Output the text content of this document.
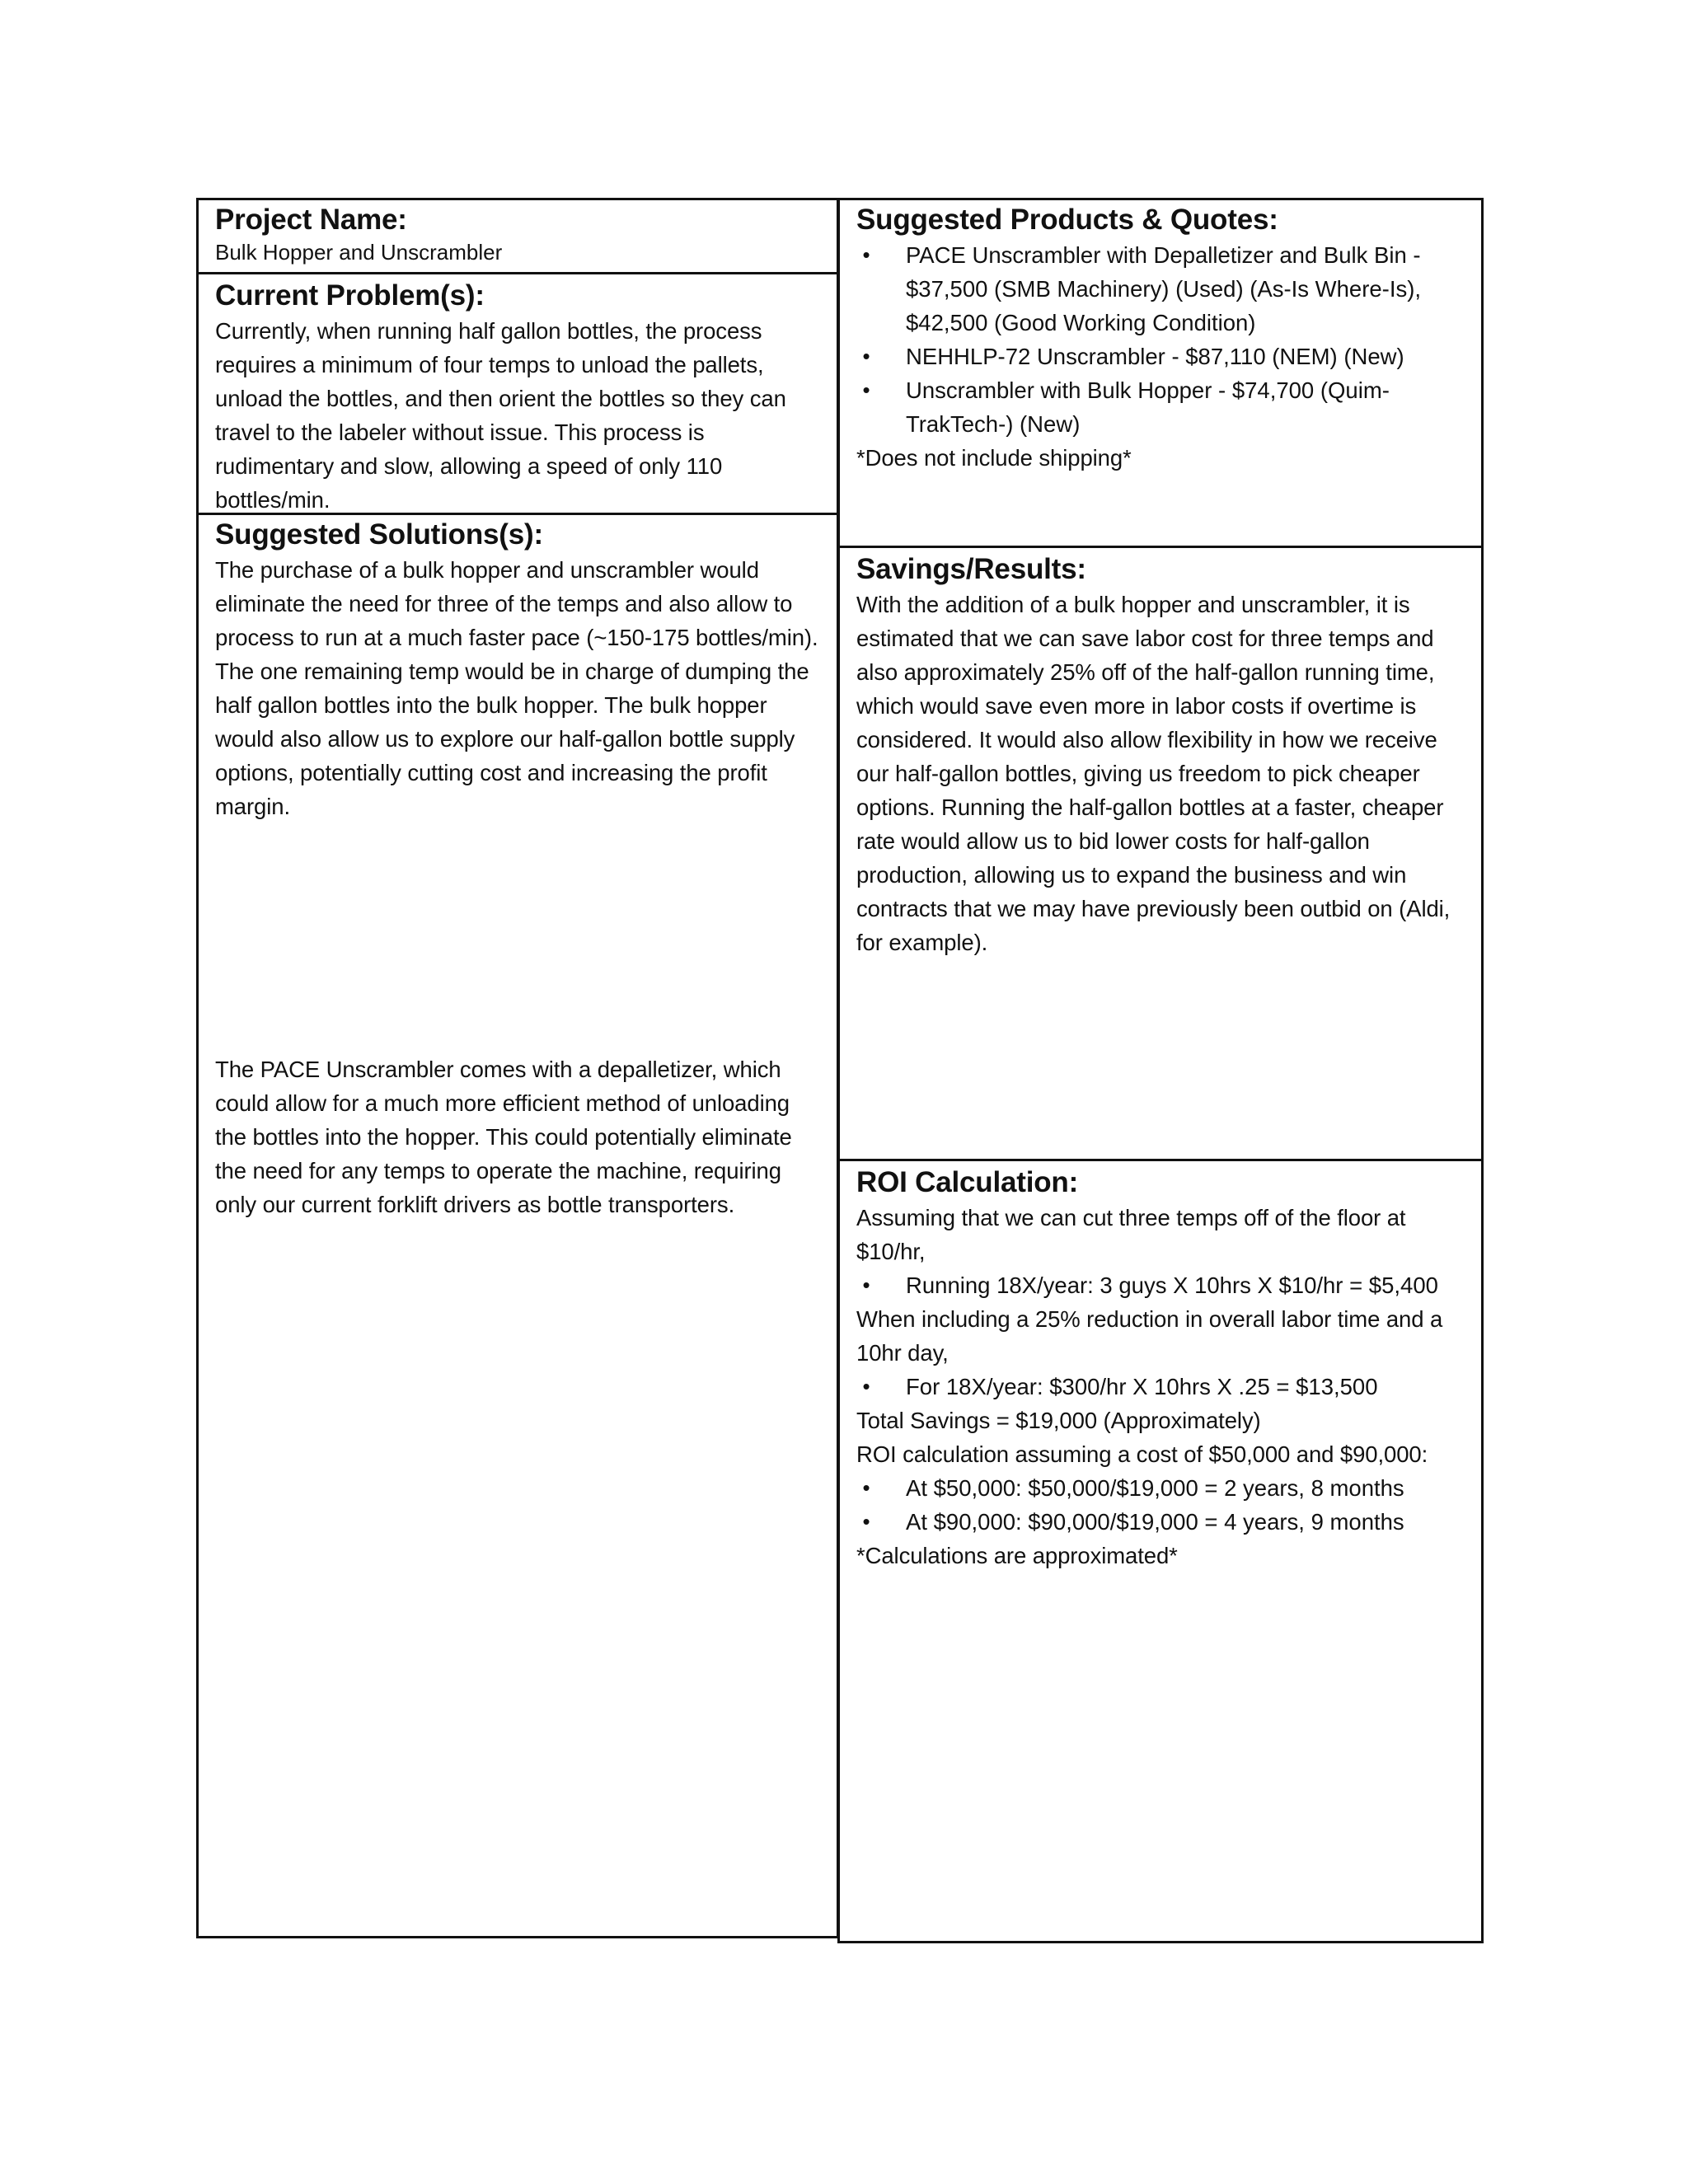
Project Name:

Bulk Hopper and Unscrambler

Current Problem(s):

Currently, when running half gallon bottles, the process requires a minimum of four temps to unload the pallets, unload the bottles, and then orient the bottles so they can travel to the labeler without issue. This process is rudimentary and slow, allowing a speed of only 110 bottles/min.

Suggested Solutions(s):

The purchase of a bulk hopper and unscrambler would eliminate the need for three of the temps and also allow to process to run at a much faster pace (~150-175 bottles/min). The one remaining temp would be in charge of dumping the half gallon bottles into the bulk hopper. The bulk hopper would also allow us to explore our half-gallon bottle supply options, potentially cutting cost and increasing the profit margin.

The PACE Unscrambler comes with a depalletizer, which could allow for a much more efficient method of unloading the bottles into the hopper. This could potentially eliminate the need for any temps to operate the machine, requiring only our current forklift drivers as bottle transporters.

Suggested Products & Quotes:

• PACE Unscrambler with Depalletizer and Bulk Bin - $37,500 (SMB Machinery) (Used) (As-Is Where-Is), $42,500 (Good Working Condition)
• NEHHLP-72 Unscrambler - $87,110 (NEM) (New)
• Unscrambler with Bulk Hopper - $74,700 (Quim-TrakTech-) (New)

*Does not include shipping*

Savings/Results:

With the addition of a bulk hopper and unscrambler, it is estimated that we can save labor cost for three temps and also approximately 25% off of the half-gallon running time, which would save even more in labor costs if overtime is considered. It would also allow flexibility in how we receive our half-gallon bottles, giving us freedom to pick cheaper options. Running the half-gallon bottles at a faster, cheaper rate would allow us to bid lower costs for half-gallon production, allowing us to expand the business and win contracts that we may have previously been outbid on (Aldi, for example).

ROI Calculation:

Assuming that we can cut three temps off of the floor at $10/hr,

• Running 18X/year: 3 guys X 10hrs X $10/hr = $5,400

When including a 25% reduction in overall labor time and a 10hr day,

• For 18X/year: $300/hr X 10hrs X .25 = $13,500

Total Savings = $19,000 (Approximately)

ROI calculation assuming a cost of $50,000 and $90,000:

• At $50,000: $50,000/$19,000 = 2 years, 8 months
• At $90,000: $90,000/$19,000 = 4 years, 9 months

*Calculations are approximated*
